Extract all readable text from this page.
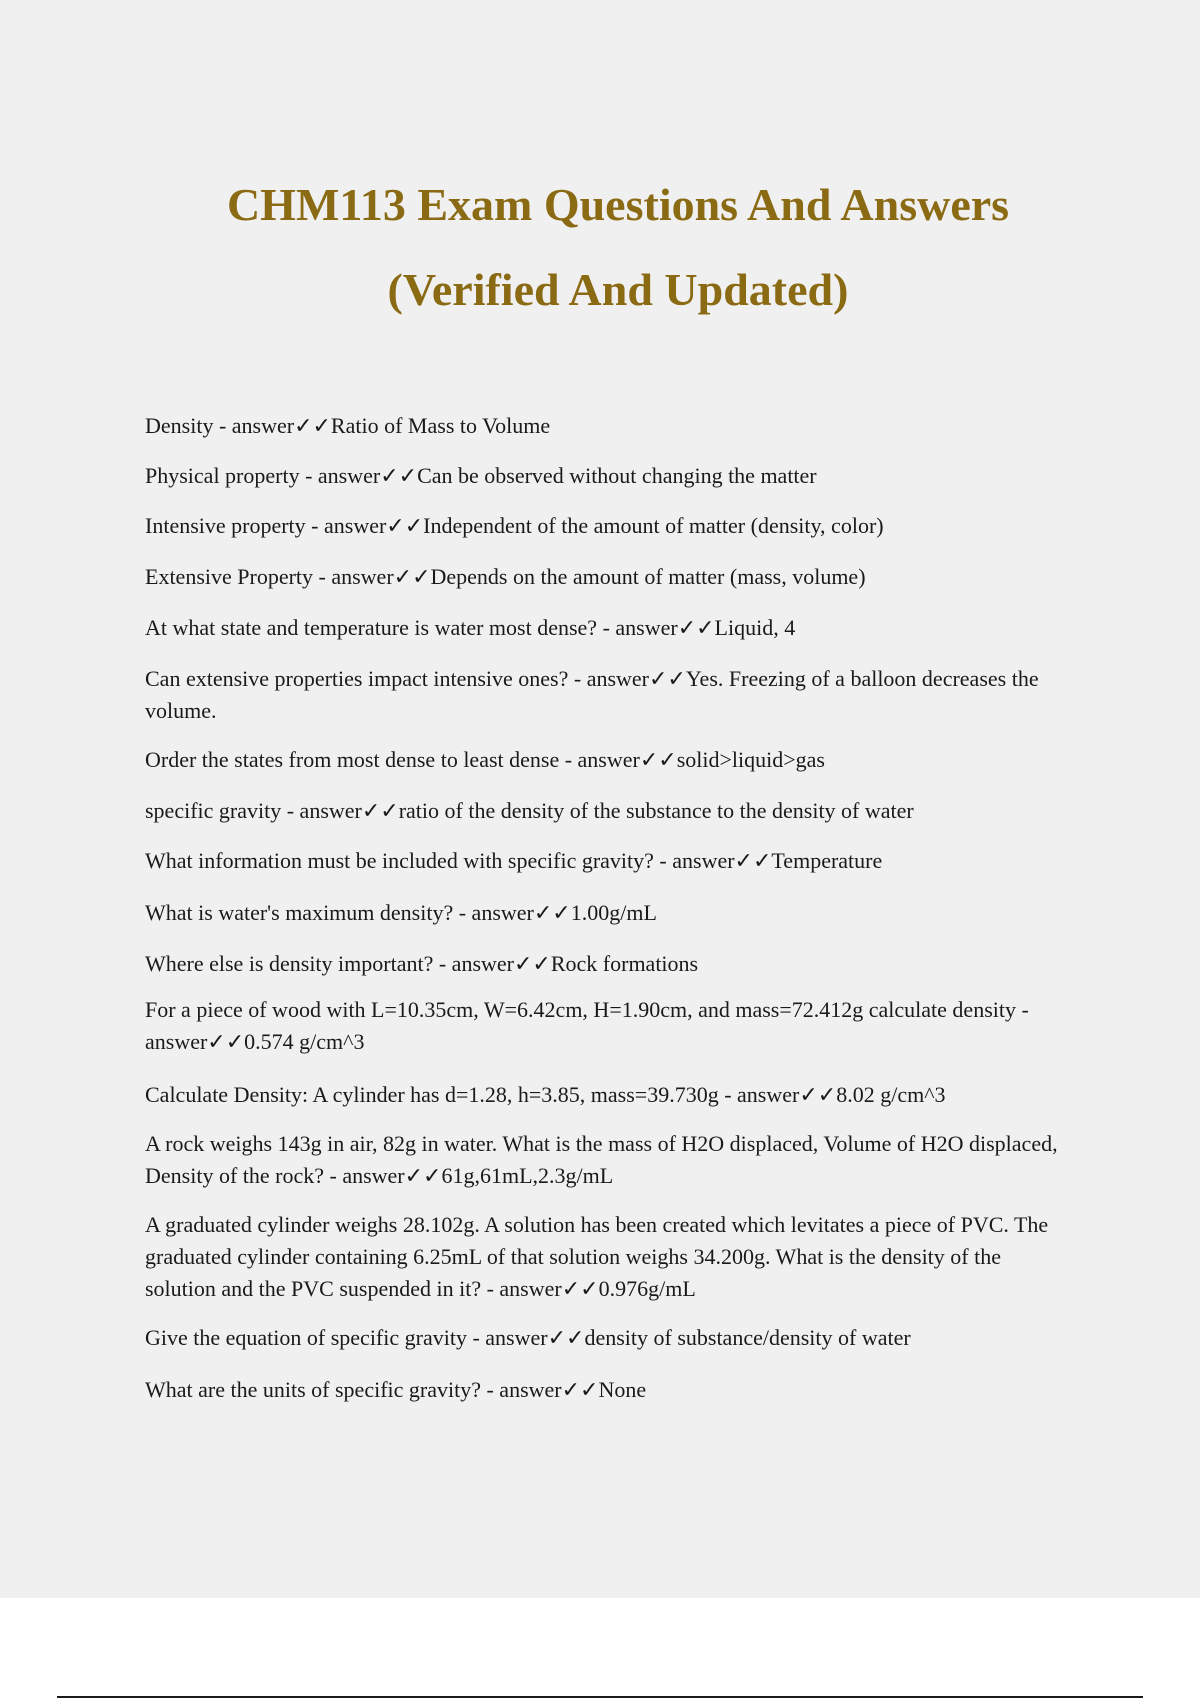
CHM113 Exam Questions And Answers
(Verified And Updated)
Density - answer✓✓Ratio of Mass to Volume
Physical property - answer✓✓Can be observed without changing the matter
Intensive property - answer✓✓Independent of the amount of matter (density, color)
Extensive Property - answer✓✓Depends on the amount of matter (mass, volume)
At what state and temperature is water most dense? - answer✓✓Liquid, 4
Can extensive properties impact intensive ones? - answer✓✓Yes. Freezing of a balloon decreases the volume.
Order the states from most dense to least dense - answer✓✓solid>liquid>gas
specific gravity - answer✓✓ratio of the density of the substance to the density of water
What information must be included with specific gravity? - answer✓✓Temperature
What is water's maximum density? - answer✓✓1.00g/mL
Where else is density important? - answer✓✓Rock formations
For a piece of wood with L=10.35cm, W=6.42cm, H=1.90cm, and mass=72.412g calculate density - answer✓✓0.574 g/cm^3
Calculate Density: A cylinder has d=1.28, h=3.85, mass=39.730g - answer✓✓8.02 g/cm^3
A rock weighs 143g in air, 82g in water. What is the mass of H2O displaced, Volume of H2O displaced, Density of the rock? - answer✓✓61g,61mL,2.3g/mL
A graduated cylinder weighs 28.102g. A solution has been created which levitates a piece of PVC. The graduated cylinder containing 6.25mL of that solution weighs 34.200g. What is the density of the solution and the PVC suspended in it? - answer✓✓0.976g/mL
Give the equation of specific gravity - answer✓✓density of substance/density of water
What are the units of specific gravity? - answer✓✓None
